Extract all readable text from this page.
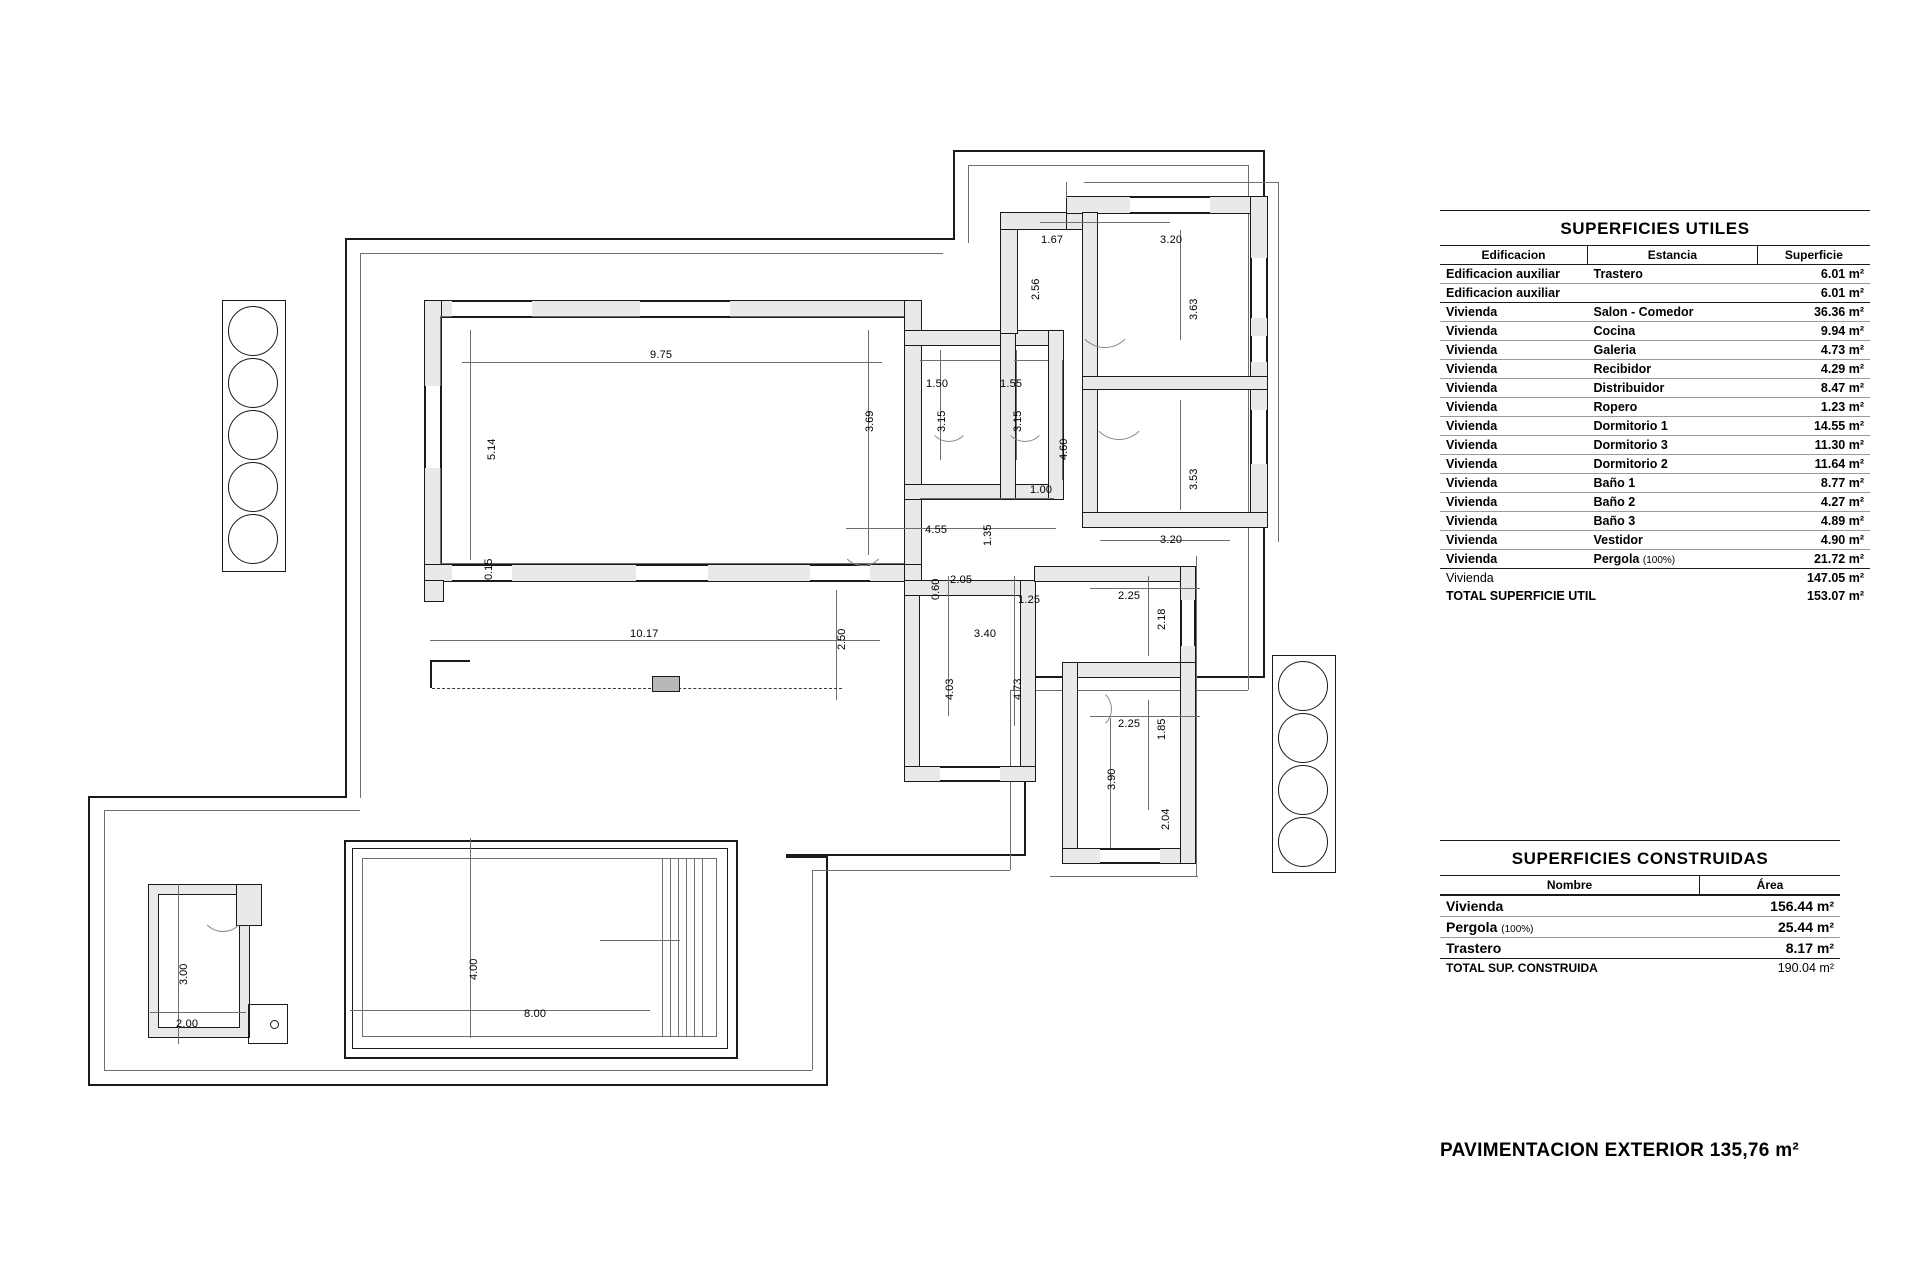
9.75
5.14
3.69
1.67
2.56
3.20
3.63
1.50	1.55
3.15	3.15
4.60
3.53
1.00
4.55	1.35	3.20
0.15
10.17	2.50
0.60 2.05
1.25	2.25
2.18
3.40
4.03	4.73
2.25 1.85
3.90
2.04
3.00
2.00
4.00
8.00
SUPERFICIES UTILES
Edificacion	Estancia	Superficie
Edificacion auxiliar	Trastero	6.01 m²
Edificacion auxiliar		6.01 m²
Vivienda	Salon - Comedor	36.36 m²
Vivienda	Cocina	9.94 m²
Vivienda	Galeria	4.73 m²
Vivienda	Recibidor	4.29 m²
Vivienda	Distribuidor	8.47 m²
Vivienda	Ropero	1.23 m²
Vivienda	Dormitorio 1	14.55 m²
Vivienda	Dormitorio 3	11.30 m²
Vivienda	Dormitorio 2	11.64 m²
Vivienda	Baño 1	8.77 m²
Vivienda	Baño 2	4.27 m²
Vivienda	Baño 3	4.89 m²
Vivienda	Vestidor	4.90 m²
Vivienda	Pergola (100%)	21.72 m²
Vivienda		147.05 m²
TOTAL SUPERFICIE UTIL		153.07 m²
SUPERFICIES CONSTRUIDAS
Nombre	Área
Vivienda	156.44 m²
Pergola (100%)	25.44 m²
Trastero	8.17 m²
TOTAL SUP. CONSTRUIDA	190.04 m²
PAVIMENTACION EXTERIOR 135,76 m²
